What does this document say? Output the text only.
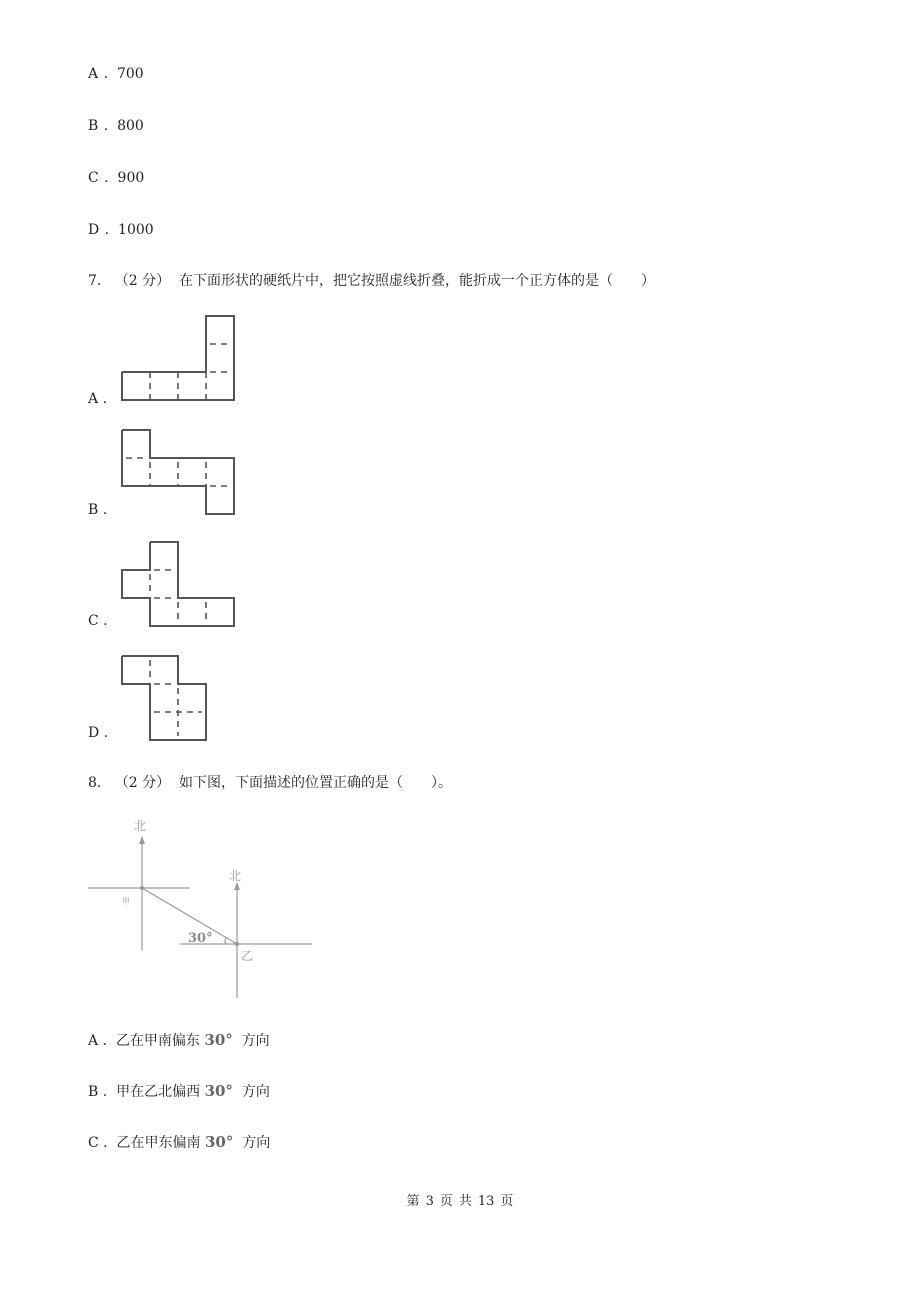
A .  700
B .  800
C .  900
D .  1000
7. （2 分） 在下面形状的硬纸片中，把它按照虚线折叠，能折成一个正方体的是（　　）
A .
B .
C .
D .
8. （2 分） 如下图，下面描述的位置正确的是（　　）。
北
北
甲
乙
30°
A .  乙在甲南偏东 30° 方向
B .  甲在乙北偏西 30° 方向
C .  乙在甲东偏南 30° 方向
第 3 页 共 13 页
